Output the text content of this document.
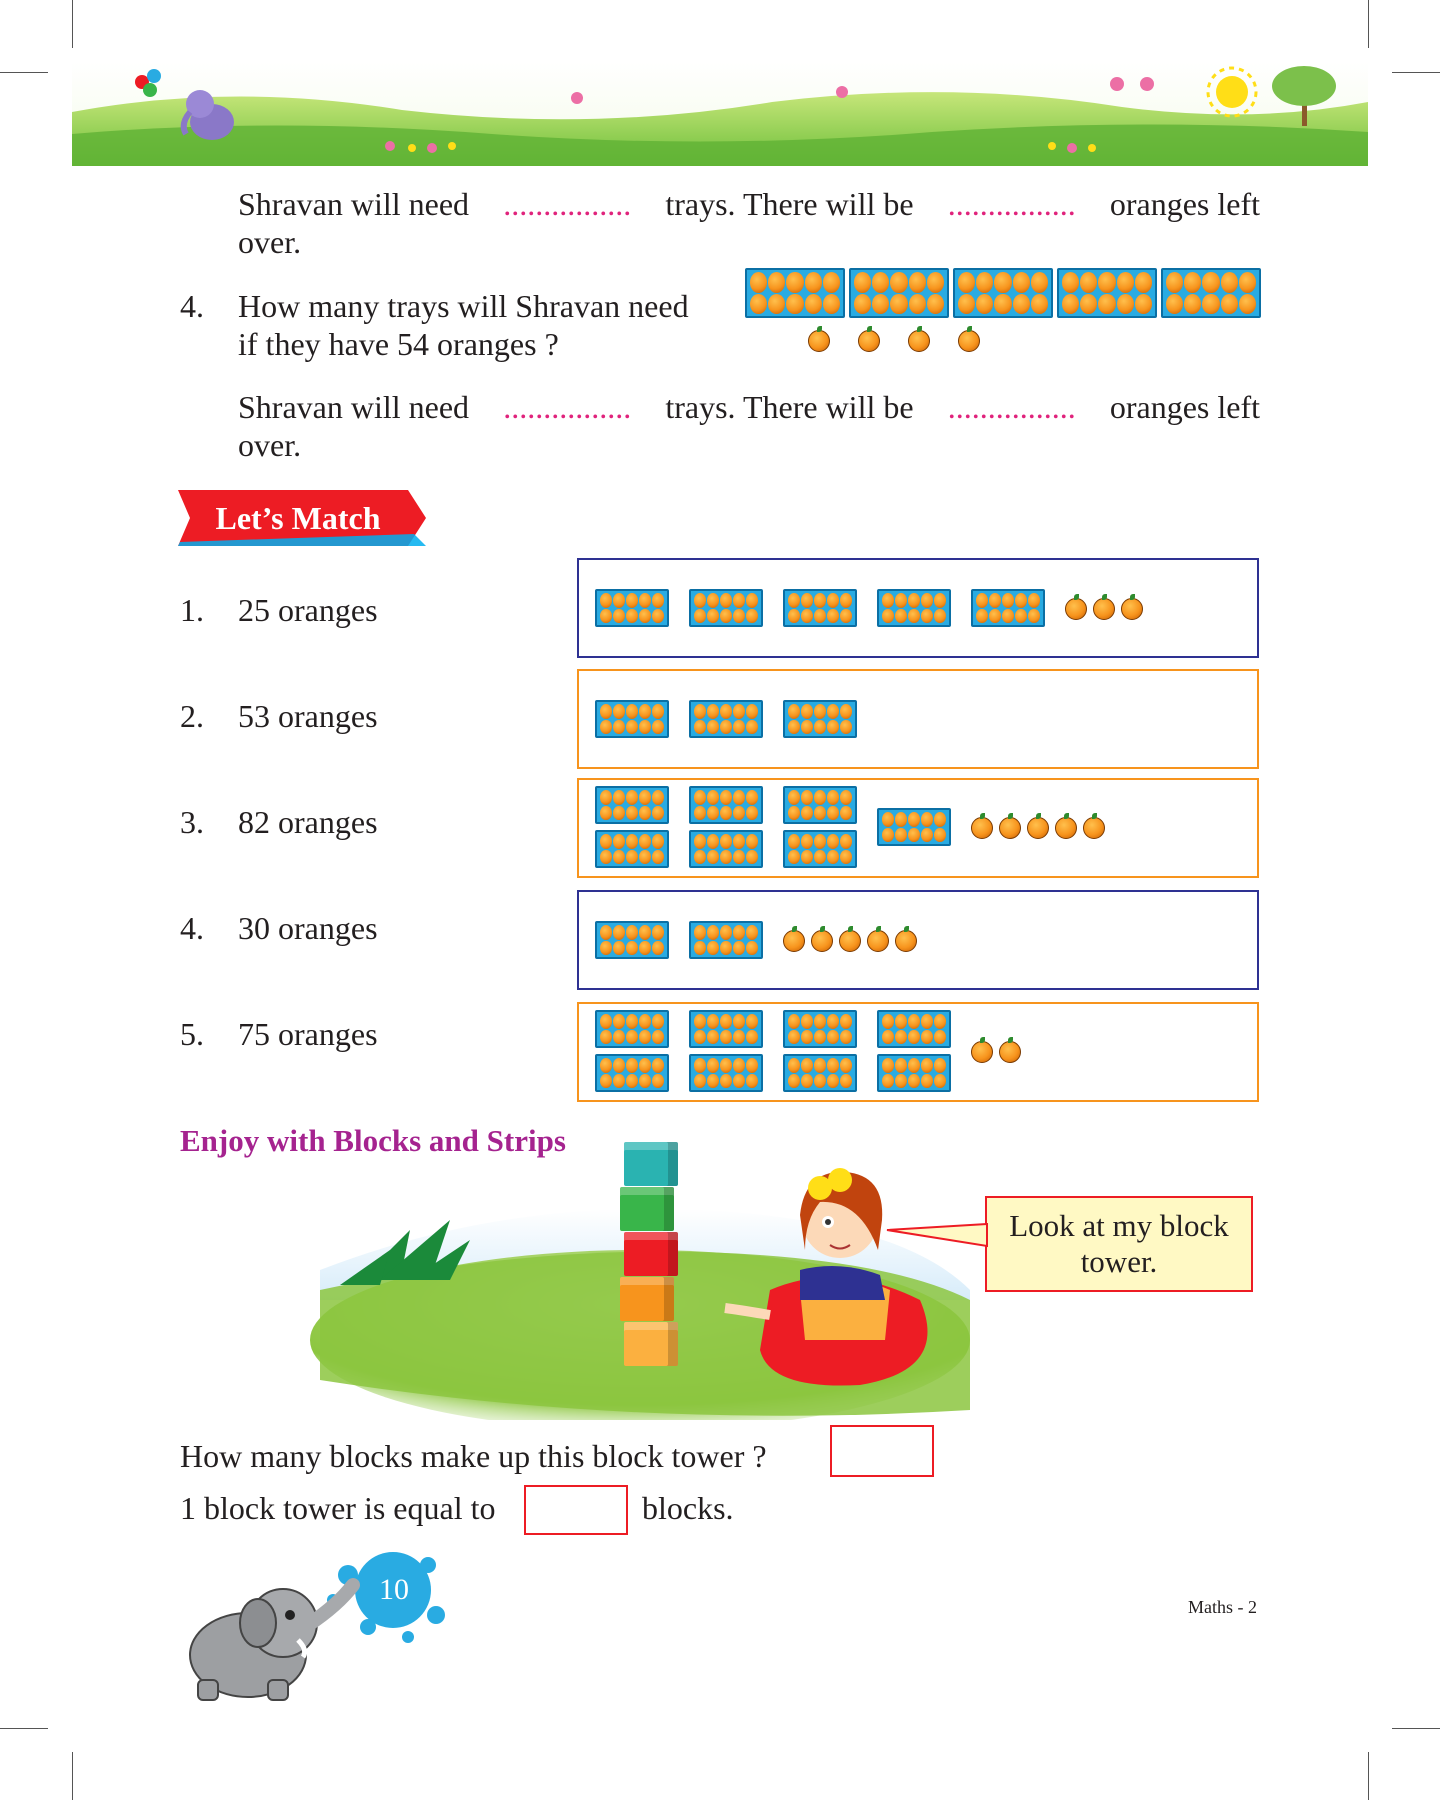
Shravan will need ................ trays. There will be ................ oranges left
over.
4. How many trays will Shravan need
if they have 54 oranges ?
Shravan will need ................ trays. There will be ................ oranges left
over.
Let’s Match
1. 25 oranges
2. 53 oranges
3. 82 oranges
4. 30 oranges
5. 75 oranges
Enjoy with Blocks and Strips
Look at my block
tower.
How many blocks make up this block tower ?
1 block tower is equal to	blocks.
10
Maths - 2
